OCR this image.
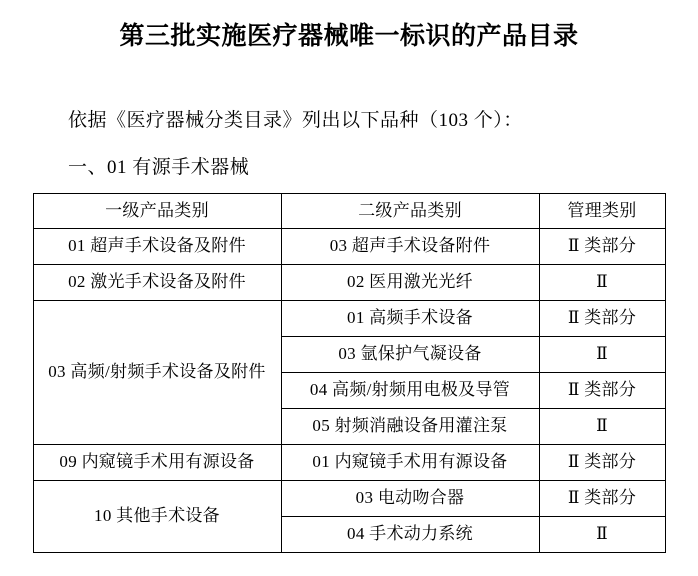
第三批实施医疗器械唯一标识的产品目录

依据《医疗器械分类目录》列出以下品种（103 个）：

一、01 有源手术器械

一级产品类别	二级产品类别	管理类别
01 超声手术设备及附件	03 超声手术设备附件	Ⅱ 类部分
02 激光手术设备及附件	02 医用激光光纤	Ⅱ
03 高频/射频手术设备及附件	01 高频手术设备	Ⅱ 类部分
	03 氩保护气凝设备	Ⅱ
	04 高频/射频用电极及导管	Ⅱ 类部分
	05 射频消融设备用灌注泵	Ⅱ
09 内窥镜手术用有源设备	01 内窥镜手术用有源设备	Ⅱ 类部分
10 其他手术设备	03 电动吻合器	Ⅱ 类部分
	04 手术动力系统	Ⅱ
